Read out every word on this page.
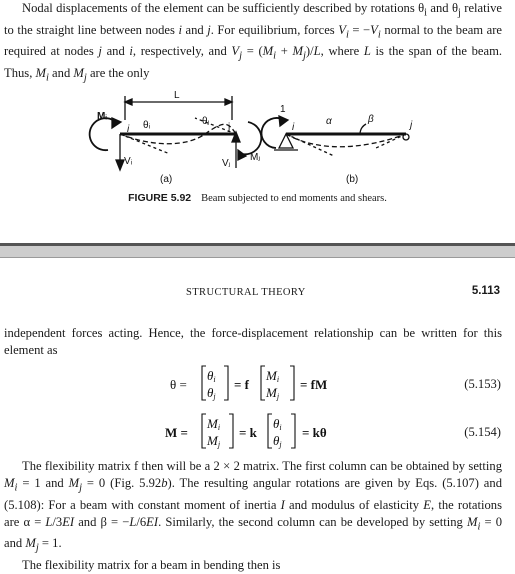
Nodal displacements of the element can be sufficiently described by rotations $\theta_i$ and $\theta_j$ relative to the straight line between nodes i and j. For equilibrium, forces $V_i = -V_i$ normal to the beam are required at nodes j and i, respectively, and $V_j = (M_i + M_j)/L$, where L is the span of the beam. Thus, $M_i$ and $M_j$ are the only

L
Mᵢ
i θᵢ	θⱼ
j
Vᵢ	Vⱼ
Mⱼ
(a)
1
i
α	β
j
(b)
FIGURE 5.92 Beam subjected to end moments and shears.
STRUCTURAL THEORY	5.113

independent forces acting. Hence, the force-displacement relationship can be written for this element as

θ =
θi
θj
= f
Mi
Mj
= fM	(5.153)
M =
Mi
Mj
= k
θi
θj
= kθ	(5.154)

The flexibility matrix f then will be a 2 × 2 matrix. The first column can be obtained by setting $M_i = 1$ and $M_j = 0$ (Fig. 5.92b). The resulting angular rotations are given by Eqs. (5.107) and (5.108): For a beam with constant moment of inertia I and modulus of elasticity E, the rotations are α = L/3EI and β = −L/6EI. Similarly, the second column can be developed by setting $M_i = 0$ and $M_j = 1$.

The flexibility matrix for a beam in bending then is
